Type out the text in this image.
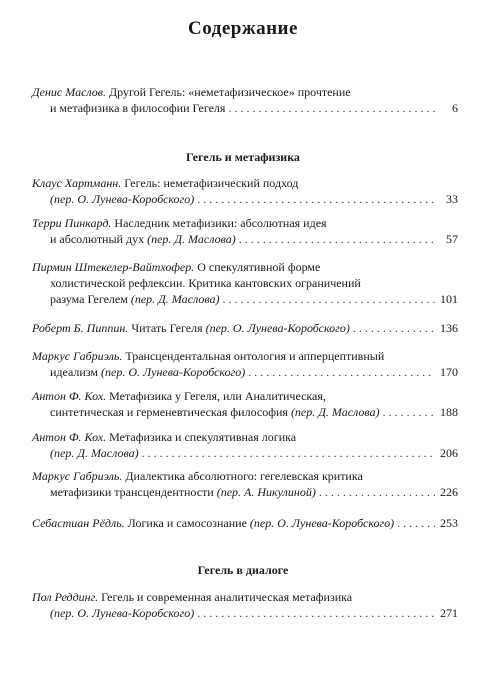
Содержание
Денис Маслов. Другой Гегель: «неметафизическое» прочтение
и метафизика в философии Гегеля . . .	6
Гегель и метафизика
Клаус Хартманн. Гегель: неметафизический подход
(пер. О. Лунева-Коробского) . . .	33
Терри Пинкард. Наследник метафизики: абсолютная идея
и абсолютный дух (пер. Д. Маслова) . . .	57
Пирмин Штекелер-Вайтхофер. О спекулятивной форме
холистической рефлексии. Критика кантовских ограничений
разума Гегелем (пер. Д. Маслова) . . .	101
Роберт Б. Пиппин. Читать Гегеля (пер. О. Лунева-Коробского) . . .	136
Маркус Габриэль. Трансцендентальная онтология и апперцептивный
идеализм (пер. О. Лунева-Коробского) . . .	170
Антон Ф. Кох. Метафизика у Гегеля, или Аналитическая,
синтетическая и герменевтическая философия (пер. Д. Маслова) . . .	188
Антон Ф. Кох. Метафизика и спекулятивная логика
(пер. Д. Маслова) . . .	206
Маркус Габриэль. Диалектика абсолютного: гегелевская критика
метафизики трансцендентности (пер. А. Никулиной) . . .	226
Себастиан Рёдль. Логика и самосознание (пер. О. Лунева-Коробского) . . .	253
Гегель в диалоге
Пол Реддинг. Гегель и современная аналитическая метафизика
(пер. О. Лунева-Коробского) . . .	271
